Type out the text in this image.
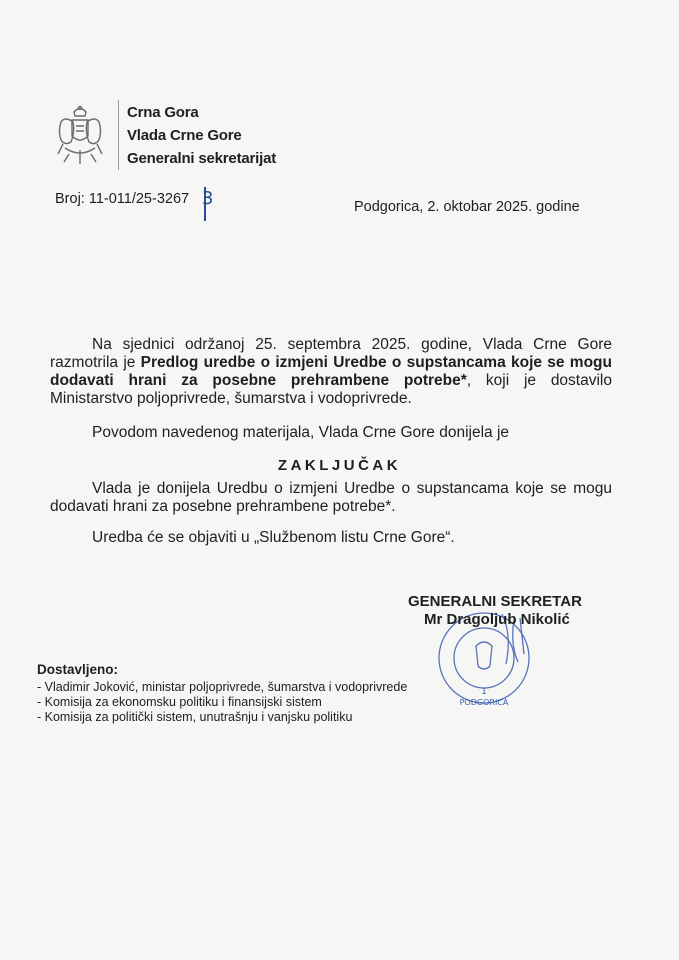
Crna Gora
Vlada Crne Gore
Generalni sekretarijat
Broj: 11-011/25-3267 3	Podgorica, 2. oktobar 2025. godine
Na sjednici održanoj 25. septembra 2025. godine, Vlada Crne Gore razmotrila je Predlog uredbe o izmjeni Uredbe o supstancama koje se mogu dodavati hrani za posebne prehrambene potrebe*, koji je dostavilo Ministarstvo poljoprivrede, šumarstva i vodoprivrede.
Povodom navedenog materijala, Vlada Crne Gore donijela je
ZAKLJUČAK
Vlada je donijela Uredbu o izmjeni Uredbe o supstancama koje se mogu dodavati hrani za posebne prehrambene potrebe*.
Uredba će se objaviti u „Službenom listu Crne Gore“.
1
PODGORICA
GENERALNI SEKRETAR
Mr Dragoljub Nikolić
Dostavljeno:
- Vladimir Joković, ministar poljoprivrede, šumarstva i vodoprivrede
- Komisija za ekonomsku politiku i finansijski sistem
- Komisija za politički sistem, unutrašnju i vanjsku politiku
